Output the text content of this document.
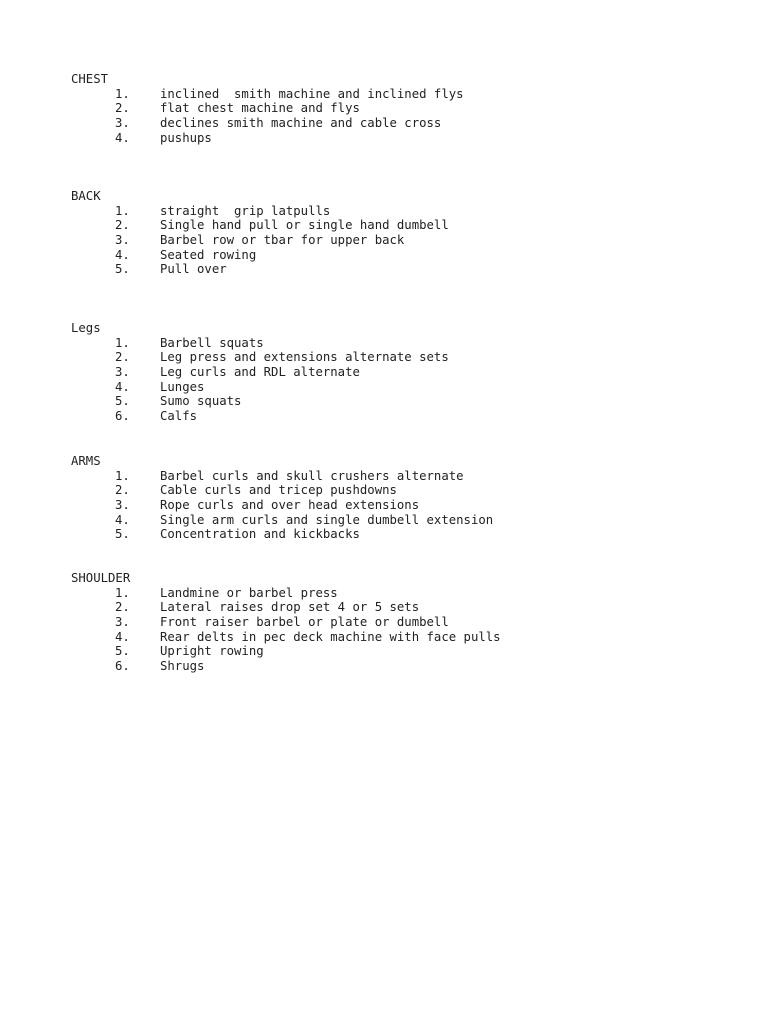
CHEST
1. inclined  smith machine and inclined flys
2. flat chest machine and flys
3. declines smith machine and cable cross
4. pushups
BACK
1. straight  grip latpulls
2. Single hand pull or single hand dumbell
3. Barbel row or tbar for upper back
4. Seated rowing
5. Pull over
Legs
1. Barbell squats
2. Leg press and extensions alternate sets
3. Leg curls and RDL alternate
4. Lunges
5. Sumo squats
6. Calfs
ARMS
1. Barbel curls and skull crushers alternate
2. Cable curls and tricep pushdowns
3. Rope curls and over head extensions
4. Single arm curls and single dumbell extension
5. Concentration and kickbacks
SHOULDER
1. Landmine or barbel press
2. Lateral raises drop set 4 or 5 sets
3. Front raiser barbel or plate or dumbell
4. Rear delts in pec deck machine with face pulls
5. Upright rowing
6. Shrugs
